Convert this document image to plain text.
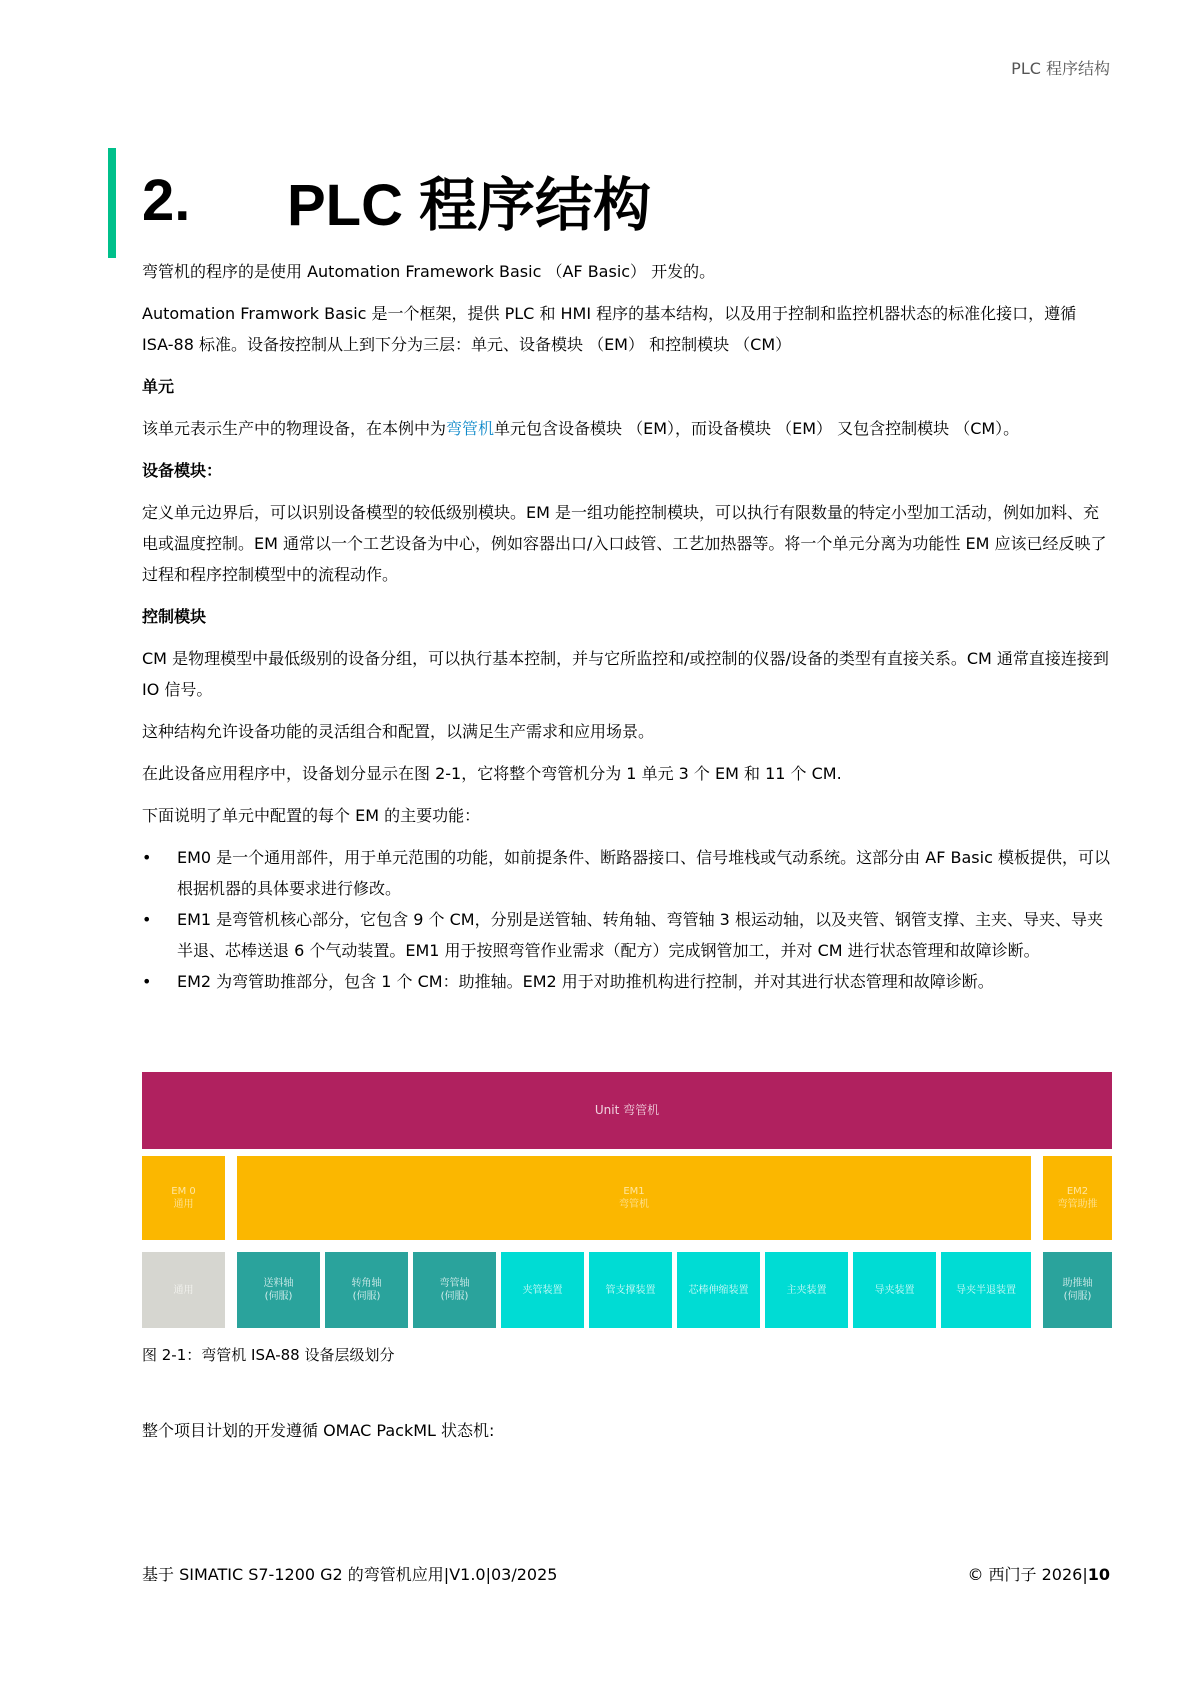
PLC 程序结构
2.	PLC 程序结构

弯管机的程序的是使用 Automation Framework Basic （AF Basic） 开发的。

Automation Framwork Basic 是一个框架，提供 PLC 和 HMI 程序的基本结构，以及用于控制和监控机器状态的标准化接口，遵循 ISA-88 标准。设备按控制从上到下分为三层：单元、设备模块 （EM） 和控制模块 （CM）

单元

该单元表示生产中的物理设备，在本例中为弯管机单元包含设备模块 （EM），而设备模块 （EM） 又包含控制模块 （CM）。

设备模块：

定义单元边界后，可以识别设备模型的较低级别模块。EM 是一组功能控制模块，可以执行有限数量的特定小型加工活动，例如加料、充电或温度控制。EM 通常以一个工艺设备为中心，例如容器出口/入口歧管、工艺加热器等。将一个单元分离为功能性 EM 应该已经反映了过程和程序控制模型中的流程动作。

控制模块

CM 是物理模型中最低级别的设备分组，可以执行基本控制，并与它所监控和/或控制的仪器/设备的类型有直接关系。CM 通常直接连接到 IO 信号。

这种结构允许设备功能的灵活组合和配置，以满足生产需求和应用场景。

在此设备应用程序中，设备划分显示在图 2-1，它将整个弯管机分为 1 单元 3 个 EM 和 11 个 CM.

下面说明了单元中配置的每个 EM 的主要功能：

• EM0 是一个通用部件，用于单元范围的功能，如前提条件、断路器接口、信号堆栈或气动系统。这部分由 AF Basic 模板提供，可以根据机器的具体要求进行修改。
• EM1 是弯管机核心部分，它包含 9 个 CM，分别是送管轴、转角轴、弯管轴 3 根运动轴，以及夹管、钢管支撑、主夹、导夹、导夹半退、芯棒送退 6 个气动装置。EM1 用于按照弯管作业需求（配方）完成钢管加工，并对 CM 进行状态管理和故障诊断。
• EM2 为弯管助推部分，包含 1 个 CM：助推轴。EM2 用于对助推机构进行控制，并对其进行状态管理和故障诊断。
Unit 弯管机
EM 0
通用
EM1
弯管机
EM2
弯管助推
通用
送料轴
(伺服)
转角轴
(伺服)
弯管轴
(伺服)
夹管装置	管支撑装置	芯棒伸缩装置	主夹装置	导夹装置	导夹半退装置
助推轴
(伺服)
图 2-1：弯管机 ISA-88 设备层级划分
整个项目计划的开发遵循 OMAC PackML 状态机:
基于 SIMATIC S7-1200 G2 的弯管机应用|V1.0|03/2025	© 西门子 2026|10
